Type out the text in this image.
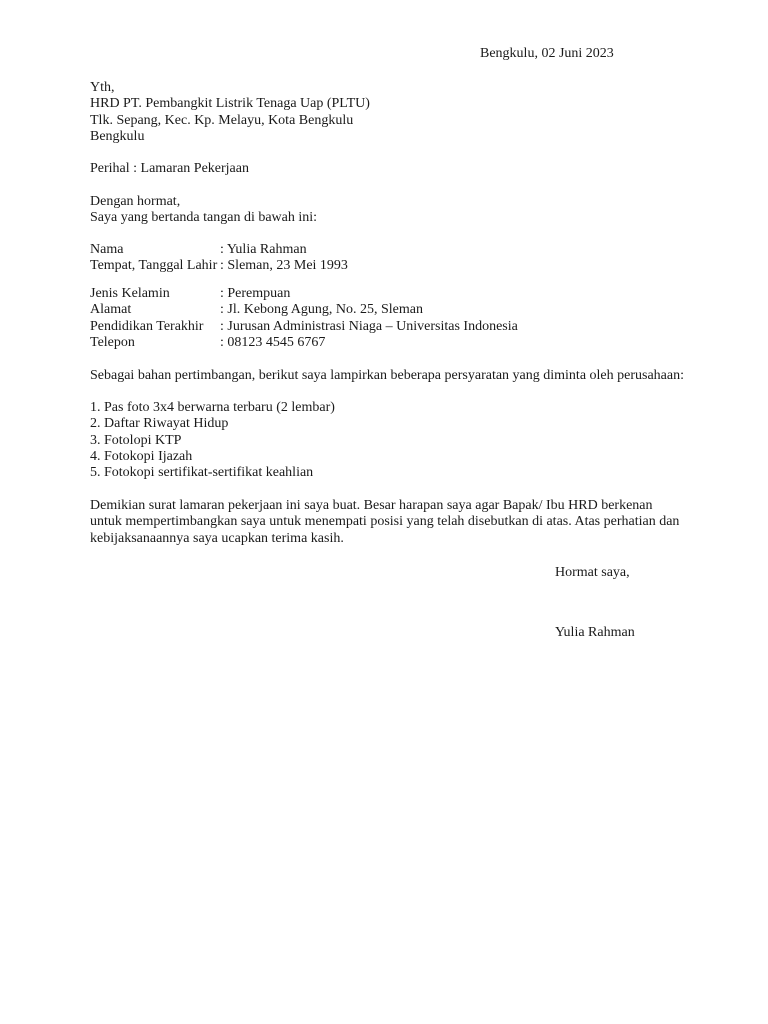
Bengkulu, 02 Juni 2023
Yth,
HRD PT. Pembangkit Listrik Tenaga Uap (PLTU)
Tlk. Sepang, Kec. Kp. Melayu, Kota Bengkulu
Bengkulu
Perihal : Lamaran Pekerjaan
Dengan hormat,
Saya yang bertanda tangan di bawah ini:
Nama	: Yulia Rahman
Tempat, Tanggal Lahir : Sleman, 23 Mei 1993
Jenis Kelamin	: Perempuan
Alamat	: Jl. Kebong Agung, No. 25, Sleman
Pendidikan Terakhir	: Jurusan Administrasi Niaga – Universitas Indonesia
Telepon	: 08123 4545 6767
Sebagai bahan pertimbangan, berikut saya lampirkan beberapa persyaratan yang diminta oleh perusahaan:
1. Pas foto 3x4 berwarna terbaru (2 lembar)
2. Daftar Riwayat Hidup
3. Fotolopi KTP
4. Fotokopi Ijazah
5. Fotokopi sertifikat-sertifikat keahlian
Demikian surat lamaran pekerjaan ini saya buat. Besar harapan saya agar Bapak/ Ibu HRD berkenan
untuk mempertimbangkan saya untuk menempati posisi yang telah disebutkan di atas. Atas perhatian dan
kebijaksanaannya saya ucapkan terima kasih.
Hormat saya,
Yulia Rahman
